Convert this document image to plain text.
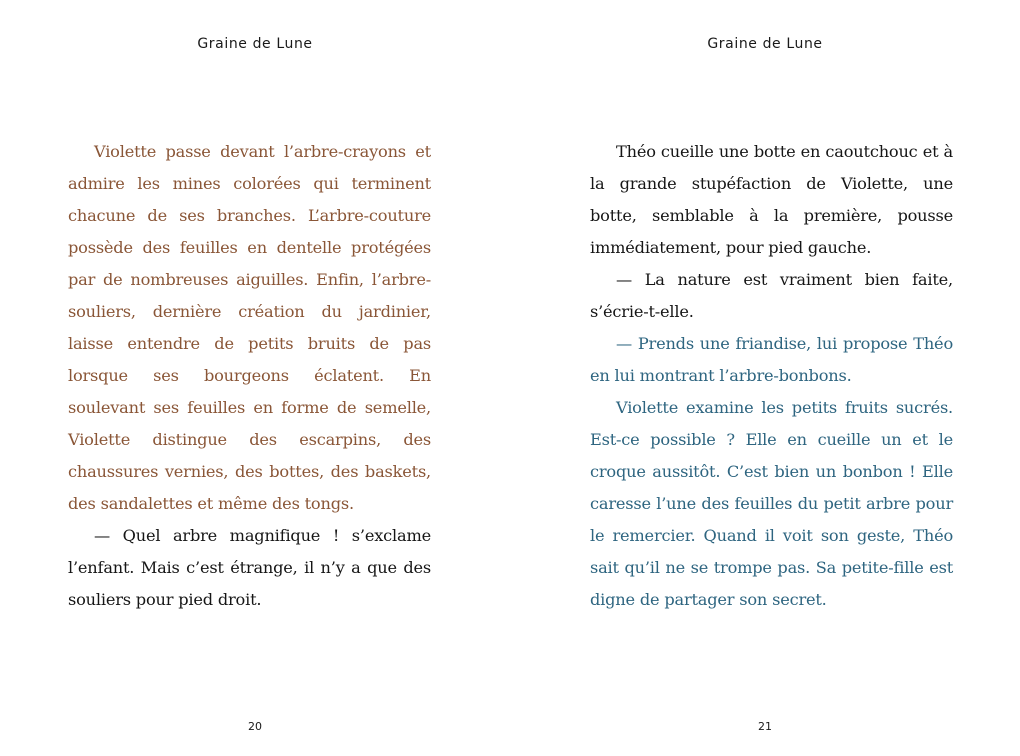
Graine de Lune

Violette passe devant l’arbre-crayons et admire les mines colorées qui terminent chacune de ses branches. L’arbre-couture possède des feuilles en dentelle protégées par de nombreuses aiguilles. Enfin, l’arbre-souliers, dernière création du jardinier, laisse entendre de petits bruits de pas lorsque ses bourgeons éclatent. En soulevant ses feuilles en forme de semelle, Violette distingue des escarpins, des chaussures vernies, des bottes, des baskets, des sandalettes et même des tongs.

— Quel arbre magnifique ! s’exclame l’enfant. Mais c’est étrange, il n’y a que des souliers pour pied droit.

20
Graine de Lune

Théo cueille une botte en caoutchouc et à la grande stupéfaction de Violette, une botte, semblable à la première, pousse immédiatement, pour pied gauche.

— La nature est vraiment bien faite, s’écrie-t-elle.

— Prends une friandise, lui propose Théo en lui montrant l’arbre-bonbons.

Violette examine les petits fruits sucrés. Est-ce possible ? Elle en cueille un et le croque aussitôt. C’est bien un bonbon ! Elle caresse l’une des feuilles du petit arbre pour le remercier. Quand il voit son geste, Théo sait qu’il ne se trompe pas. Sa petite-fille est digne de partager son secret.

21
